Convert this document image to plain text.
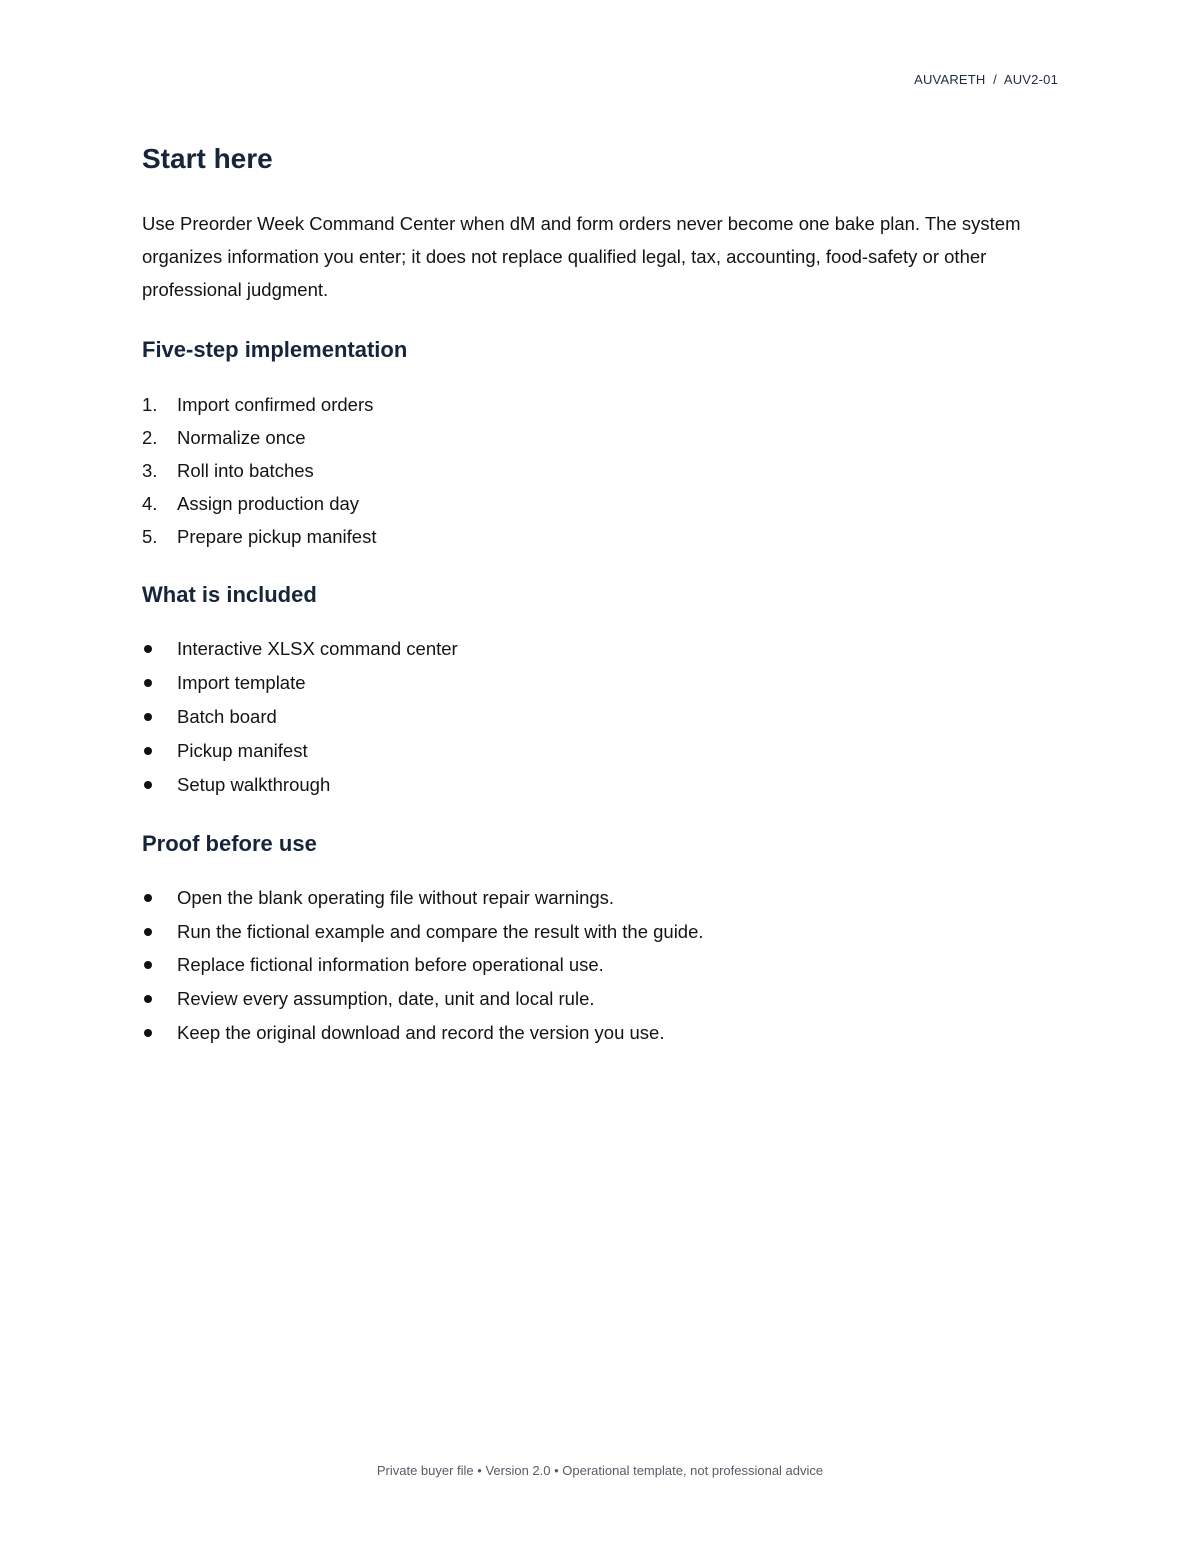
AUVARETH  /  AUV2-01
Start here

Use Preorder Week Command Center when dM and form orders never become one bake plan. The system organizes information you enter; it does not replace qualified legal, tax, accounting, food-safety or other professional judgment.

Five-step implementation
1. Import confirmed orders
2. Normalize once
3. Roll into batches
4. Assign production day
5. Prepare pickup manifest
What is included
Interactive XLSX command center
Import template
Batch board
Pickup manifest
Setup walkthrough
Proof before use
Open the blank operating file without repair warnings.
Run the fictional example and compare the result with the guide.
Replace fictional information before operational use.
Review every assumption, date, unit and local rule.
Keep the original download and record the version you use.
Private buyer file • Version 2.0 • Operational template, not professional advice
